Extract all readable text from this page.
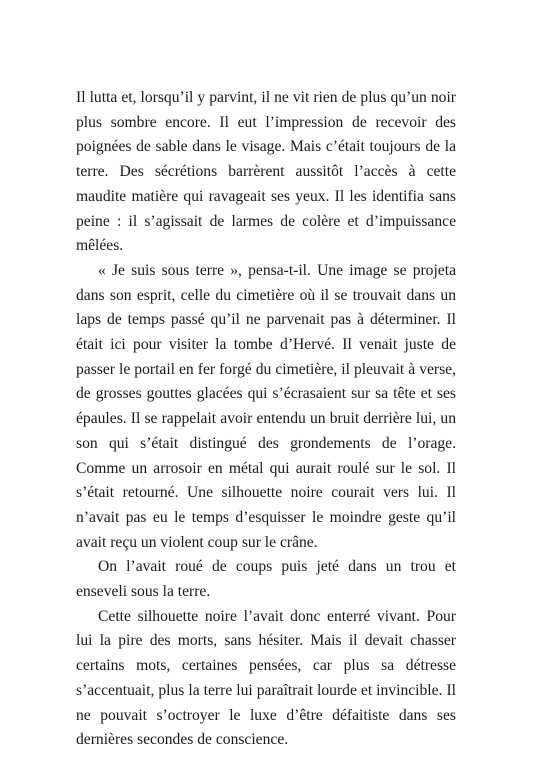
Il lutta et, lorsqu’il y parvint, il ne vit rien de plus qu’un noir plus sombre encore. Il eut l’impression de recevoir des poignées de sable dans le visage. Mais c’était toujours de la terre. Des sécrétions barrèrent aussitôt l’accès à cette maudite matière qui ravageait ses yeux. Il les identifia sans peine : il s’agissait de larmes de colère et d’impuissance mêlées.

« Je suis sous terre », pensa-t-il. Une image se projeta dans son esprit, celle du cimetière où il se trouvait dans un laps de temps passé qu’il ne parvenait pas à déterminer. Il était ici pour visiter la tombe d’Hervé. Il venait juste de passer le portail en fer forgé du cimetière, il pleuvait à verse, de grosses gouttes glacées qui s’écrasaient sur sa tête et ses épaules. Il se rappelait avoir entendu un bruit derrière lui, un son qui s’était distingué des grondements de l’orage. Comme un arrosoir en métal qui aurait roulé sur le sol. Il s’était retourné. Une silhouette noire courait vers lui. Il n’avait pas eu le temps d’esquisser le moindre geste qu’il avait reçu un violent coup sur le crâne.

On l’avait roué de coups puis jeté dans un trou et enseveli sous la terre.

Cette silhouette noire l’avait donc enterré vivant. Pour lui la pire des morts, sans hésiter. Mais il devait chasser certains mots, certaines pensées, car plus sa détresse s’accentuait, plus la terre lui paraîtrait lourde et invincible. Il ne pouvait s’octroyer le luxe d’être défaitiste dans ses dernières secondes de conscience.
